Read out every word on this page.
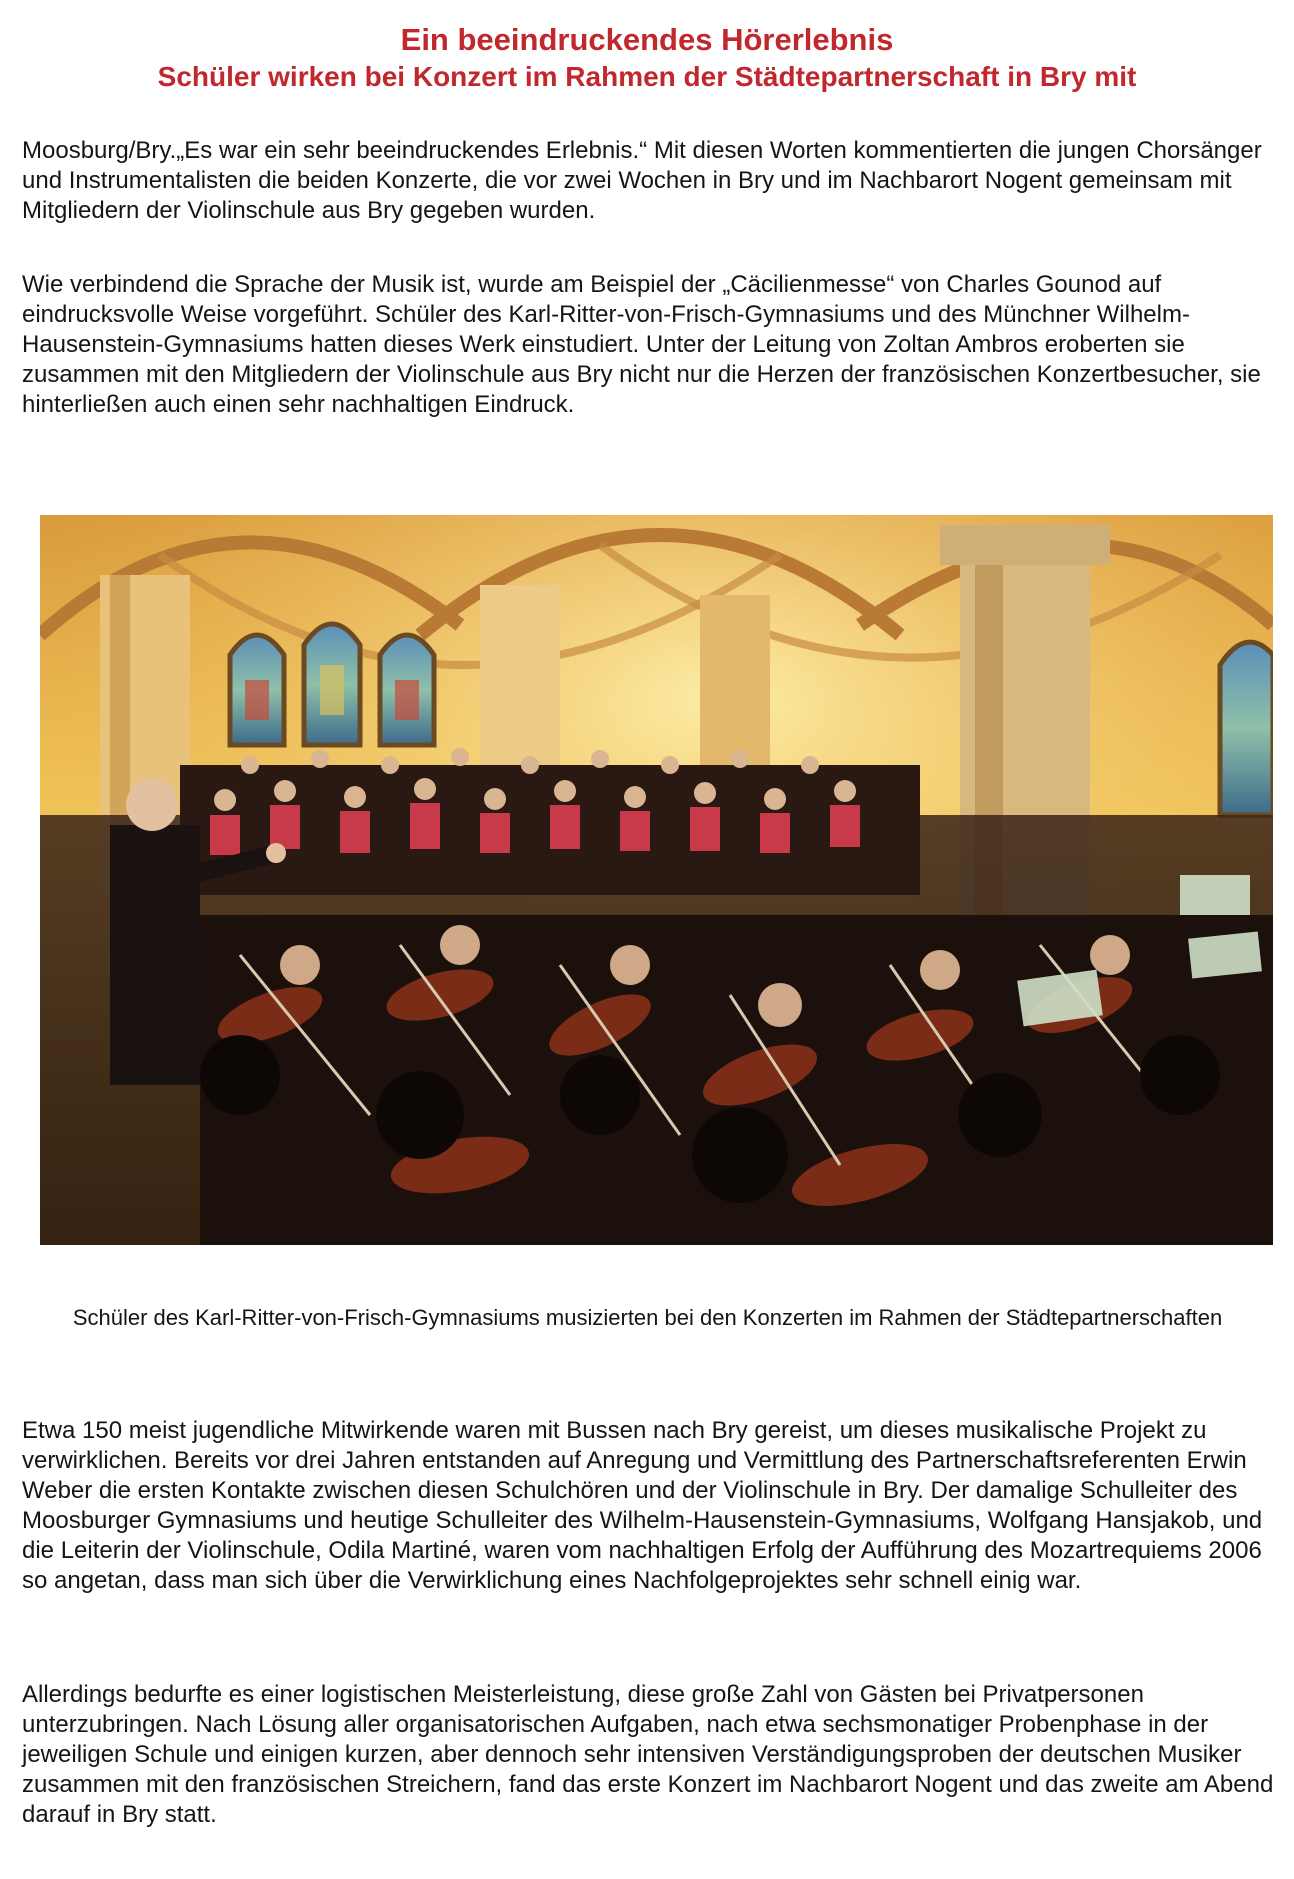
Ein beeindruckendes Hörerlebnis
Schüler wirken bei Konzert im Rahmen der Städtepartnerschaft in Bry mit

Moosburg/Bry.„Es war ein sehr beeindruckendes Erlebnis.“ Mit diesen Worten kommentierten die jungen Chorsänger und Instrumentalisten die beiden Konzerte, die vor zwei Wochen in Bry und im Nachbarort Nogent gemeinsam mit Mitgliedern der Violinschule aus Bry gegeben wurden.

Wie verbindend die Sprache der Musik ist, wurde am Beispiel der „Cäcilienmesse“ von Charles Gounod auf eindrucksvolle Weise vorgeführt. Schüler des Karl-Ritter-von-Frisch-Gymnasiums und des Münchner Wilhelm-Hausenstein-Gymnasiums hatten dieses Werk einstudiert. Unter der Leitung von Zoltan Ambros eroberten sie zusammen mit den Mitgliedern der Violinschule aus Bry nicht nur die Herzen der französischen Konzertbesucher, sie hinterließen auch einen sehr nachhaltigen Eindruck.

Schüler des Karl-Ritter-von-Frisch-Gymnasiums musizierten bei den Konzerten im Rahmen der Städtepartnerschaften

Etwa 150 meist jugendliche Mitwirkende waren mit Bussen nach Bry gereist, um dieses musikalische Projekt zu verwirklichen. Bereits vor drei Jahren entstanden auf Anregung und Vermittlung des Partnerschaftsreferenten Erwin Weber die ersten Kontakte zwischen diesen Schulchören und der Violinschule in Bry. Der damalige Schulleiter des Moosburger Gymnasiums und heutige Schulleiter des Wilhelm-Hausenstein-Gymnasiums, Wolfgang Hansjakob, und die Leiterin der Violinschule, Odila Martiné, waren vom nachhaltigen Erfolg der Aufführung des Mozartrequiems 2006 so angetan, dass man sich über die Verwirklichung eines Nachfolgeprojektes sehr schnell einig war.

Allerdings bedurfte es einer logistischen Meisterleistung, diese große Zahl von Gästen bei Privatpersonen unterzubringen. Nach Lösung aller organisatorischen Aufgaben, nach etwa sechsmonatiger Probenphase in der jeweiligen Schule und einigen kurzen, aber dennoch sehr intensiven Verständigungsproben der deutschen Musiker zusammen mit den französischen Streichern, fand das erste Konzert im Nachbarort Nogent und das zweite am Abend darauf in Bry statt.
